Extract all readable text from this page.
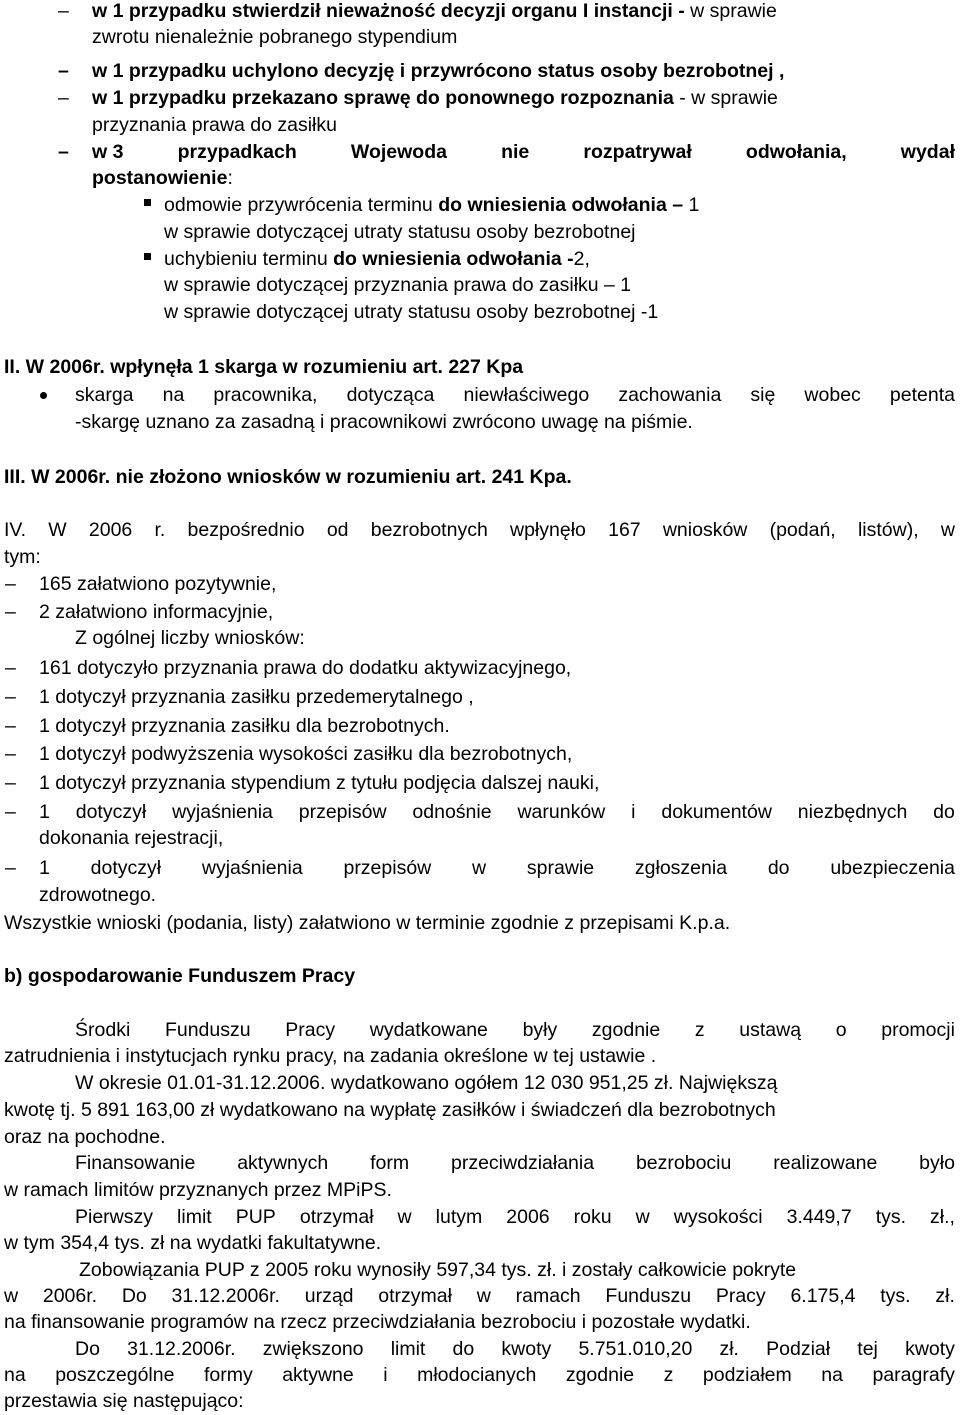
– w 1 przypadku stwierdził nieważność decyzji organu I instancji - w sprawie
zwrotu nienależnie pobranego stypendium
– w 1 przypadku uchylono decyzję i przywrócono status osoby bezrobotnej ,
– w 1 przypadku przekazano sprawę do ponownego rozpoznania - w sprawie
przyznania prawa do zasiłku
– w 3	przypadkach	Wojewoda	nie	rozpatrywał	odwołania,	wydał
postanowienie:
odmowie przywrócenia terminu do wniesienia odwołania – 1
w sprawie dotyczącej utraty statusu osoby bezrobotnej
uchybieniu terminu do wniesienia odwołania -2,
w sprawie dotyczącej przyznania prawa do zasiłku – 1
w sprawie dotyczącej utraty statusu osoby bezrobotnej -1
II. W 2006r. wpłynęła 1 skarga w rozumieniu art. 227 Kpa
skarga na pracownika, dotycząca niewłaściwego zachowania się wobec petenta
-skargę uznano za zasadną i pracownikowi zwrócono uwagę na piśmie.
III. W 2006r. nie złożono wniosków w rozumieniu art. 241 Kpa.
IV. W 2006 r. bezpośrednio od bezrobotnych wpłynęło 167 wniosków (podań, listów), w
tym:
– 165 załatwiono pozytywnie,
– 2 załatwiono informacyjnie,
Z ogólnej liczby wniosków:
– 161 dotyczyło przyznania prawa do dodatku aktywizacyjnego,
– 1 dotyczył przyznania zasiłku przedemerytalnego ,
– 1 dotyczył przyznania zasiłku dla bezrobotnych.
– 1 dotyczył podwyższenia wysokości zasiłku dla bezrobotnych,
– 1 dotyczył przyznania stypendium z tytułu podjęcia dalszej nauki,
– 1 dotyczył wyjaśnienia przepisów odnośnie warunków i dokumentów niezbędnych do
dokonania rejestracji,
– 1 dotyczył wyjaśnienia przepisów w sprawie zgłoszenia do ubezpieczenia
zdrowotnego.
Wszystkie wnioski (podania, listy) załatwiono w terminie zgodnie z przepisami K.p.a.
b) gospodarowanie Funduszem Pracy
Środki Funduszu Pracy wydatkowane były zgodnie z ustawą o promocji
zatrudnienia i instytucjach rynku pracy, na zadania określone w tej ustawie .
W okresie 01.01-31.12.2006. wydatkowano ogółem 12 030 951,25 zł. Największą
kwotę tj. 5 891 163,00 zł wydatkowano na wypłatę zasiłków i świadczeń dla bezrobotnych
oraz na pochodne.
Finansowanie aktywnych form przeciwdziałania bezrobociu realizowane było
w ramach limitów przyznanych przez MPiPS.
Pierwszy limit PUP otrzymał w lutym 2006 roku w wysokości 3.449,7 tys. zł.,
w tym 354,4 tys. zł na wydatki fakultatywne.
Zobowiązania PUP z 2005 roku wynosiły 597,34 tys. zł. i zostały całkowicie pokryte
w 2006r. Do 31.12.2006r. urząd otrzymał w ramach Funduszu Pracy 6.175,4 tys. zł.
na finansowanie programów na rzecz przeciwdziałania bezrobociu i pozostałe wydatki.
Do 31.12.2006r. zwiększono limit do kwoty 5.751.010,20 zł. Podział tej kwoty
na poszczególne formy aktywne i młodocianych zgodnie z podziałem na paragrafy
przestawia się następująco:
